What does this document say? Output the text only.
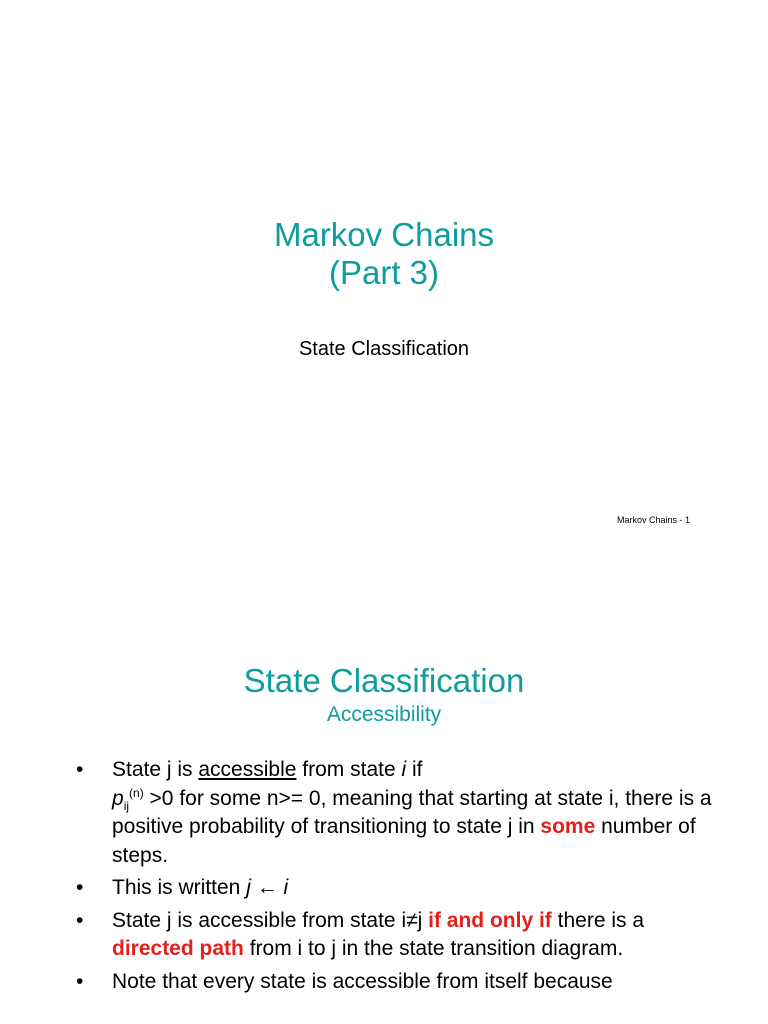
Markov Chains
(Part 3)
State Classification
Markov Chains - 1
State Classification
Accessibility
• State j is accessible from state i if
$p_{ij}^{(n)} >0$ for some n>= 0, meaning that starting at state i, there is a positive probability of transitioning to state j in some number of steps.
• This is written j ← i
• State j is accessible from state i≠j if and only if there is a directed path from i to j in the state transition diagram.
• Note that every state is accessible from itself because
